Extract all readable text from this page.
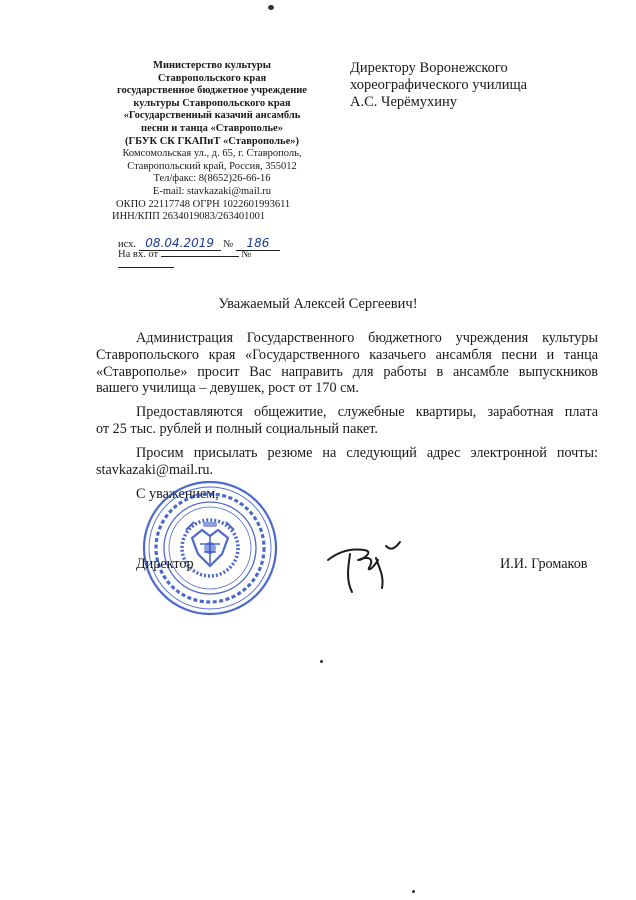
Министерство культуры
Ставропольского края
государственное бюджетное учреждение
культуры Ставропольского края
«Государственный казачий ансамбль
песни и танца «Ставрополье»
(ГБУК СК ГКАПиТ «Ставрополье»)
Комсомольская ул., д. 65, г. Ставрополь,
Ставропольский край, Россия, 355012
Тел/факс: 8(8652)26-66-16
E-mail: stavkazaki@mail.ru
ОКПО 22117748 ОГРН 1022601993611
ИНН/КПП 2634019083/263401001
исх. 08.04.2019 № 186
На вх. от	№
Директору Воронежского
хореографического училища
А.С. Черёмухину
Уважаемый Алексей Сергеевич!
Администрация Государственного бюджетного учреждения культуры
Ставропольского края «Государственного казачьего ансамбля песни и танца
«Ставрополье» просит Вас направить для работы в ансамбле выпускников
вашего училища – девушек, рост от 170 см.
Предоставляются общежитие, служебные квартиры, заработная плата
от 25 тыс. рублей и полный социальный пакет.
Просим присылать резюме на следующий адрес электронной почты:
stavkazaki@mail.ru.
С уважением,
Директор	И.И. Громаков
